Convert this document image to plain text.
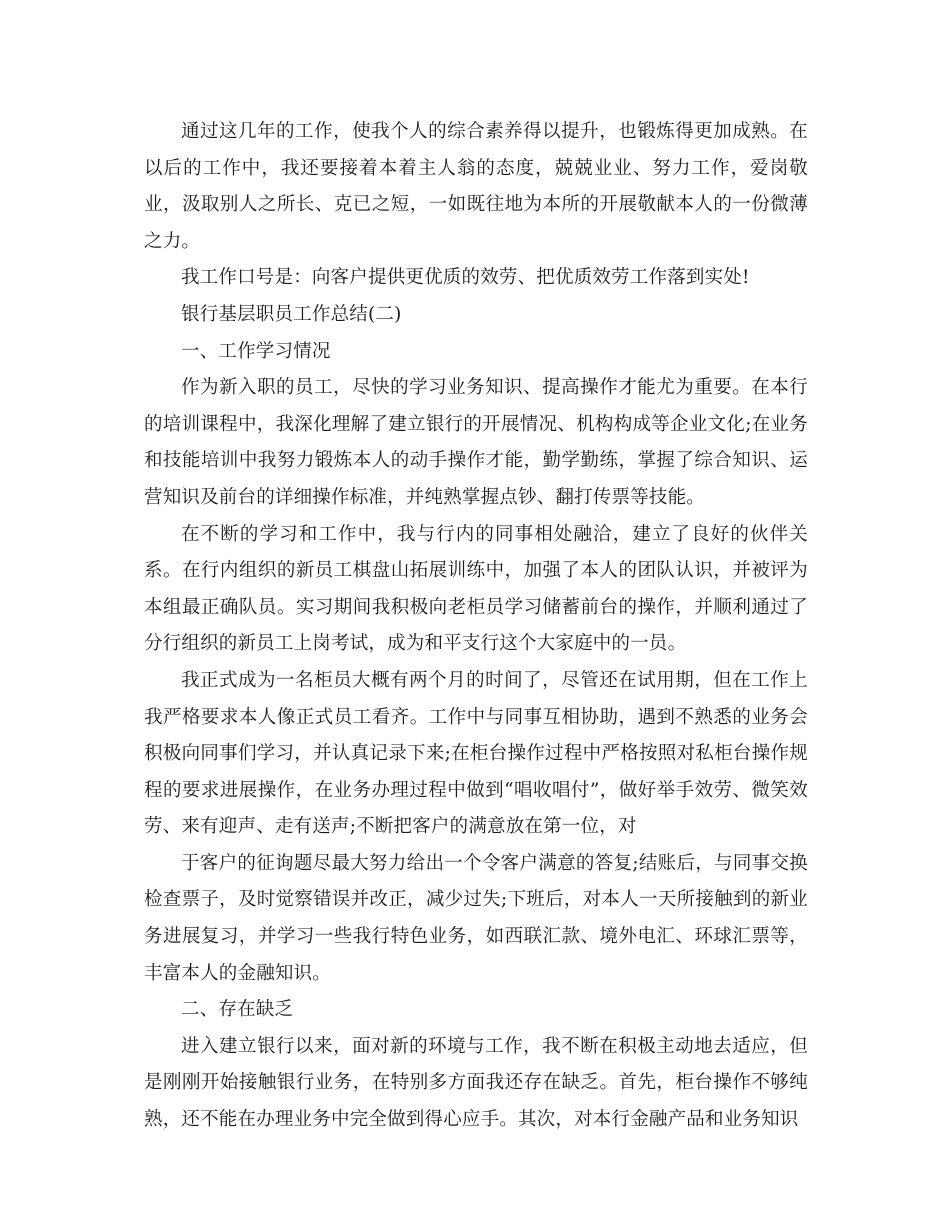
通过这几年的工作，使我个人的综合素养得以提升，也锻炼得更加成熟。在以后的工作中，我还要接着本着主人翁的态度，兢兢业业、努力工作，爱岗敬业，汲取别人之所长、克已之短，一如既往地为本所的开展敬献本人的一份微薄之力。

我工作口号是：向客户提供更优质的效劳、把优质效劳工作落到实处!

银行基层职员工作总结(二)

一、工作学习情况

作为新入职的员工，尽快的学习业务知识、提高操作才能尤为重要。在本行的培训课程中，我深化理解了建立银行的开展情况、机构构成等企业文化;在业务和技能培训中我努力锻炼本人的动手操作才能，勤学勤练，掌握了综合知识、运营知识及前台的详细操作标准，并纯熟掌握点钞、翻打传票等技能。

在不断的学习和工作中，我与行内的同事相处融洽，建立了良好的伙伴关系。在行内组织的新员工棋盘山拓展训练中，加强了本人的团队认识，并被评为本组最正确队员。实习期间我积极向老柜员学习储蓄前台的操作，并顺利通过了分行组织的新员工上岗考试，成为和平支行这个大家庭中的一员。

我正式成为一名柜员大概有两个月的时间了，尽管还在试用期，但在工作上我严格要求本人像正式员工看齐。工作中与同事互相协助，遇到不熟悉的业务会积极向同事们学习，并认真记录下来;在柜台操作过程中严格按照对私柜台操作规程的要求进展操作，在业务办理过程中做到“唱收唱付”，做好举手效劳、微笑效劳、来有迎声、走有送声;不断把客户的满意放在第一位，对

于客户的征询题尽最大努力给出一个令客户满意的答复;结账后，与同事交换检查票子，及时觉察错误并改正，减少过失;下班后，对本人一天所接触到的新业务进展复习，并学习一些我行特色业务，如西联汇款、境外电汇、环球汇票等，丰富本人的金融知识。

二、存在缺乏

进入建立银行以来，面对新的环境与工作，我不断在积极主动地去适应，但是刚刚开始接触银行业务，在特别多方面我还存在缺乏。首先，柜台操作不够纯熟，还不能在办理业务中完全做到得心应手。其次，对本行金融产品和业务知识
